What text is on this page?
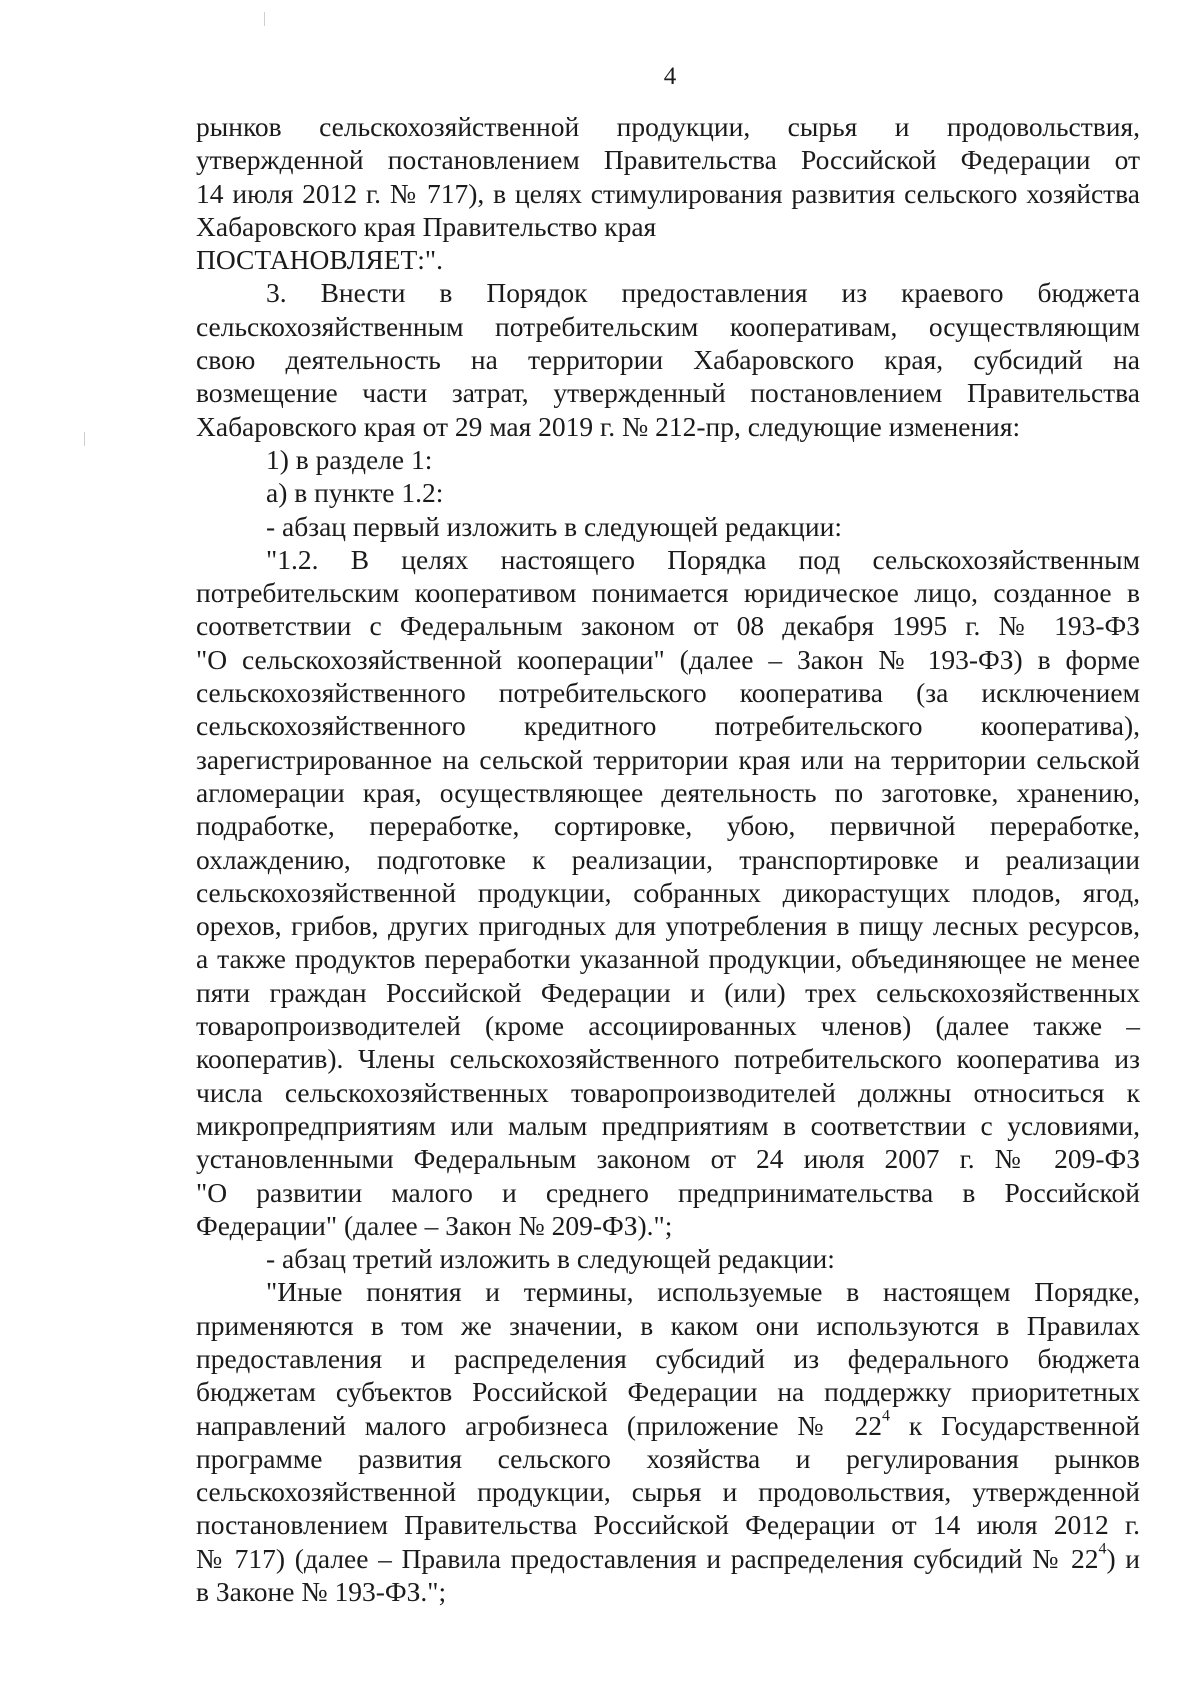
4
рынков сельскохозяйственной продукции, сырья и продовольствия,
утвержденной постановлением Правительства Российской Федерации от
14 июля 2012 г. № 717), в целях стимулирования развития сельского хозяйства
Хабаровского края Правительство края
ПОСТАНОВЛЯЕТ:".
3. Внести в Порядок предоставления из краевого бюджета
сельскохозяйственным потребительским кооперативам, осуществляющим
свою деятельность на территории Хабаровского края, субсидий на
возмещение части затрат, утвержденный постановлением Правительства
Хабаровского края от 29 мая 2019 г. № 212-пр, следующие изменения:
1) в разделе 1:
а) в пункте 1.2:
- абзац первый изложить в следующей редакции:
"1.2. В целях настоящего Порядка под сельскохозяйственным
потребительским кооперативом понимается юридическое лицо, созданное в
соответствии с Федеральным законом от 08 декабря 1995 г. № 193-ФЗ
"О сельскохозяйственной кооперации" (далее – Закон № 193-ФЗ) в форме
сельскохозяйственного потребительского кооператива (за исключением
сельскохозяйственного кредитного потребительского кооператива),
зарегистрированное на сельской территории края или на территории сельской
агломерации края, осуществляющее деятельность по заготовке, хранению,
подработке, переработке, сортировке, убою, первичной переработке,
охлаждению, подготовке к реализации, транспортировке и реализации
сельскохозяйственной продукции, собранных дикорастущих плодов, ягод,
орехов, грибов, других пригодных для употребления в пищу лесных ресурсов,
а также продуктов переработки указанной продукции, объединяющее не менее
пяти граждан Российской Федерации и (или) трех сельскохозяйственных
товаропроизводителей (кроме ассоциированных членов) (далее также –
кооператив). Члены сельскохозяйственного потребительского кооператива из
числа сельскохозяйственных товаропроизводителей должны относиться к
микропредприятиям или малым предприятиям в соответствии с условиями,
установленными Федеральным законом от 24 июля 2007 г. № 209-ФЗ
"О развитии малого и среднего предпринимательства в Российской
Федерации" (далее – Закон № 209-ФЗ).";
- абзац третий изложить в следующей редакции:
"Иные понятия и термины, используемые в настоящем Порядке,
применяются в том же значении, в каком они используются в Правилах
предоставления и распределения субсидий из федерального бюджета
бюджетам субъектов Российской Федерации на поддержку приоритетных
направлений малого агробизнеса (приложение № $22^4$ к Государственной
программе развития сельского хозяйства и регулирования рынков
сельскохозяйственной продукции, сырья и продовольствия, утвержденной
постановлением Правительства Российской Федерации от 14 июля 2012 г.
№ 717) (далее – Правила предоставления и распределения субсидий № $22^4$) и
в Законе № 193-ФЗ.";
